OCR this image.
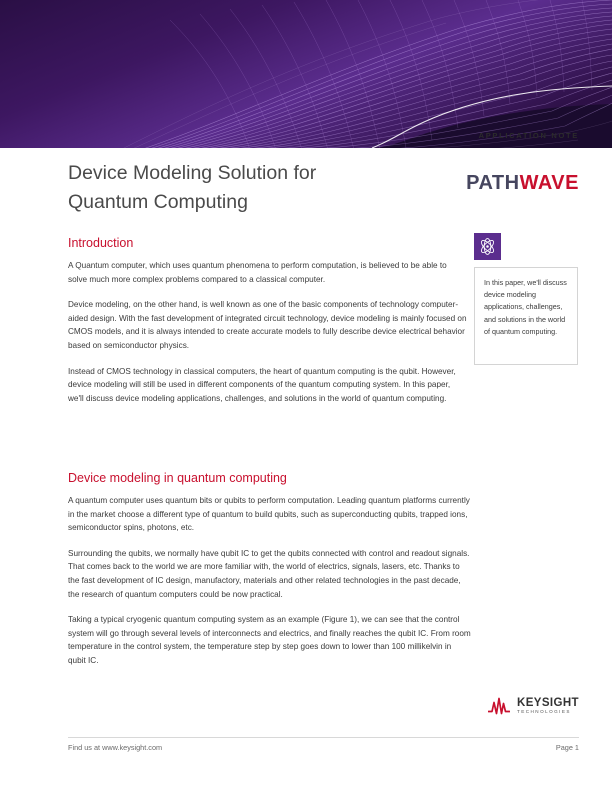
APPLICATION NOTE
Device Modeling Solution for
Quantum Computing
PATHWAVE
Introduction

A Quantum computer, which uses quantum phenomena to perform computation, is believed to be able to solve much more complex problems compared to a classical computer.

Device modeling, on the other hand, is well known as one of the basic components of technology computer-aided design. With the fast development of integrated circuit technology, device modeling is mainly focused on CMOS models, and it is always intended to create accurate models to fully describe device electrical behavior based on semiconductor physics.

Instead of CMOS technology in classical computers, the heart of quantum computing is the qubit. However, device modeling will still be used in different components of the quantum computing system. In this paper, we'll discuss device modeling applications, challenges, and solutions in the world of quantum computing.

Device modeling in quantum computing

A quantum computer uses quantum bits or qubits to perform computation. Leading quantum platforms currently in the market choose a different type of quantum to build qubits, such as superconducting qubits, trapped ions, semiconductor spins, photons, etc.

Surrounding the qubits, we normally have qubit IC to get the qubits connected with control and readout signals. That comes back to the world we are more familiar with, the world of electrics, signals, lasers, etc. Thanks to the fast development of IC design, manufactory, materials and other related technologies in the past decade, the research of quantum computers could be now practical.

Taking a typical cryogenic quantum computing system as an example (Figure 1), we can see that the control system will go through several levels of interconnects and electrics, and finally reaches the qubit IC. From room temperature in the control system, the temperature step by step goes down to lower than 100 millikelvin in qubit IC.

In this paper, we'll discuss device modeling applications, challenges, and solutions in the world of quantum computing.
KEYSIGHT
TECHNOLOGIES
Find us at www.keysight.com	Page 1
